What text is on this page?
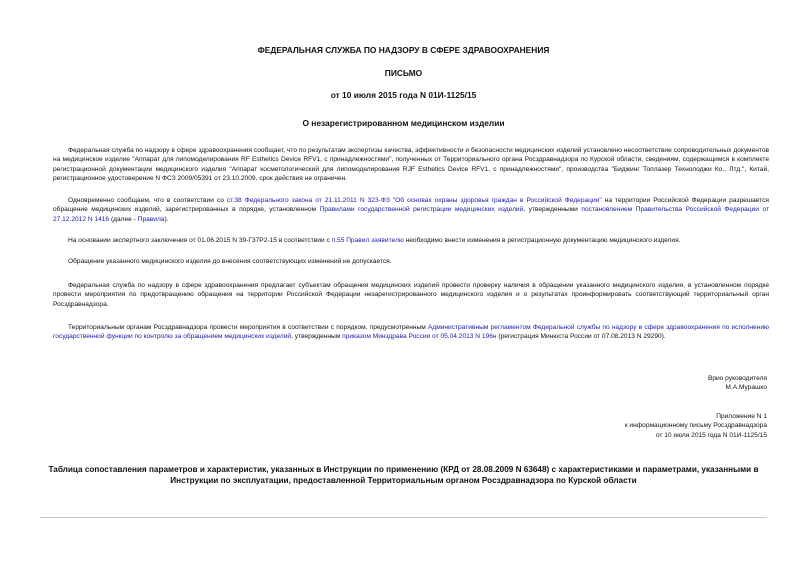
ФЕДЕРАЛЬНАЯ СЛУЖБА ПО НАДЗОРУ В СФЕРЕ ЗДРАВООХРАНЕНИЯ
ПИСЬМО
от 10 июля 2015 года N 01И-1125/15
О незарегистрированном медицинском изделии

Федеральная служба по надзору в сфере здравоохранения сообщает, что по результатам экспертизы качества, эффективности и безопасности медицинских изделий установлено несоответствие сопроводительных документов на медицинское изделие "Аппарат для липомоделирования RF Esthetics Device RFV1, с принадлежностями", полученных от Территориального органа Росздравнадзора по Курской области, сведениям, содержащимся в комплекте регистрационной документации медицинского изделия "Аппарат косметологический для липомоделирования RJF Esthetics Device RFV1, с принадлежностями", производства "Биджинг Топлазер Технолоджи Ко., Лтд.", Китай, регистрационное удостоверение N ФСЗ 2009/05391 от 23.10.2009, срок действия не ограничен.

Одновременно сообщаем, что в соответствии со ст.38 Федерального закона от 21.11.2011 N 323-ФЗ "Об основах охраны здоровья граждан в Российской Федерации" на территории Российской Федерации разрешается обращение медицинских изделий, зарегистрированных в порядке, установленном Правилами государственной регистрации медицинских изделий, утвержденными постановлением Правительства Российской Федерации от 27.12.2012 N 1416 (далее - Правила).

На основании экспертного заключения от 01.06.2015 N 39-Г37Р2-15 в соответствии с п.55 Правил заявителю необходимо внести изменения в регистрационную документацию медицинского изделия.

Обращение указанного медицинского изделия до внесения соответствующих изменений не допускается.

Федеральная служба по надзору в сфере здравоохранения предлагает субъектам обращения медицинских изделий провести проверку наличия в обращении указанного медицинского изделия, в установленном порядке провести мероприятия по предотвращению обращения на территории Российской Федерации незарегистрированного медицинского изделия и о результатах проинформировать соответствующий территориальный орган Росздравнадзора.

Территориальным органам Росздравнадзора провести мероприятия в соответствии с порядком, предусмотренным Административным регламентом Федеральной службы по надзору в сфере здравоохранения по исполнению государственной функции по контролю за обращением медицинских изделий, утвержденным приказом Минздрава России от 05.04.2013 N 196н (регистрация Минюста России от 07.08.2013 N 29290).

Врио руководителя
М.А.Мурашко
Приложение N 1
к информационному письму Росздравнадзора
от 10 июля 2015 года N 01И-1125/15
Таблица сопоставления параметров и характеристик, указанных в Инструкции по применению (КРД от 28.08.2009 N 63648) с характеристиками и параметрами, указанными в Инструкции по эксплуатации, предоставленной Территориальным органом Росздравнадзора по Курской области
